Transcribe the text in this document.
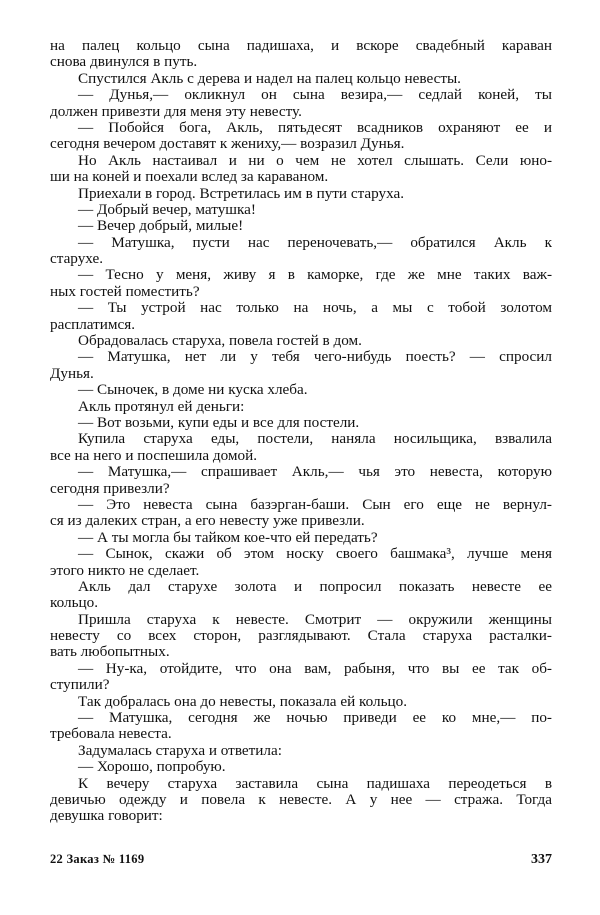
на палец кольцо сына падишаха, и вскоре свадебный караван
снова двинулся в путь.
Спустился Акль с дерева и надел на палец кольцо невесты.
— Дунья,— окликнул он сына везира,— седлай коней, ты
должен привезти для меня эту невесту.
— Побойся бога, Акль, пятьдесят всадников охраняют ее и
сегодня вечером доставят к жениху,— возразил Дунья.
Но Акль настаивал и ни о чем не хотел слышать. Сели юно-
ши на коней и поехали вслед за караваном.
Приехали в город. Встретилась им в пути старуха.
— Добрый вечер, матушка!
— Вечер добрый, милые!
— Матушка, пусти нас переночевать,— обратился Акль к
старухе.
— Тесно у меня, живу я в каморке, где же мне таких важ-
ных гостей поместить?
— Ты устрой нас только на ночь, а мы с тобой золотом
расплатимся.
Обрадовалась старуха, повела гостей в дом.
— Матушка, нет ли у тебя чего-нибудь поесть? — спросил
Дунья.
— Сыночек, в доме ни куска хлеба.
Акль протянул ей деньги:
— Вот возьми, купи еды и все для постели.
Купила старуха еды, постели, наняла носильщика, взвалила
все на него и поспешила домой.
— Матушка,— спрашивает Акль,— чья это невеста, которую
сегодня привезли?
— Это невеста сына базэрган-баши. Сын его еще не вернул-
ся из далеких стран, а его невесту уже привезли.
— А ты могла бы тайком кое-что ей передать?
— Сынок, скажи об этом носку своего башмака³, лучше меня
этого никто не сделает.
Акль дал старухе золота и попросил показать невесте ее
кольцо.
Пришла старуха к невесте. Смотрит — окружили женщины
невесту со всех сторон, разглядывают. Стала старуха расталки-
вать любопытных.
— Ну-ка, отойдите, что она вам, рабыня, что вы ее так об-
ступили?
Так добралась она до невесты, показала ей кольцо.
— Матушка, сегодня же ночью приведи ее ко мне,— по-
требовала невеста.
Задумалась старуха и ответила:
— Хорошо, попробую.
К вечеру старуха заставила сына падишаха переодеться в
девичью одежду и повела к невесте. А у нее — стража. Тогда
девушка говорит:
22 Заказ № 1169	337
